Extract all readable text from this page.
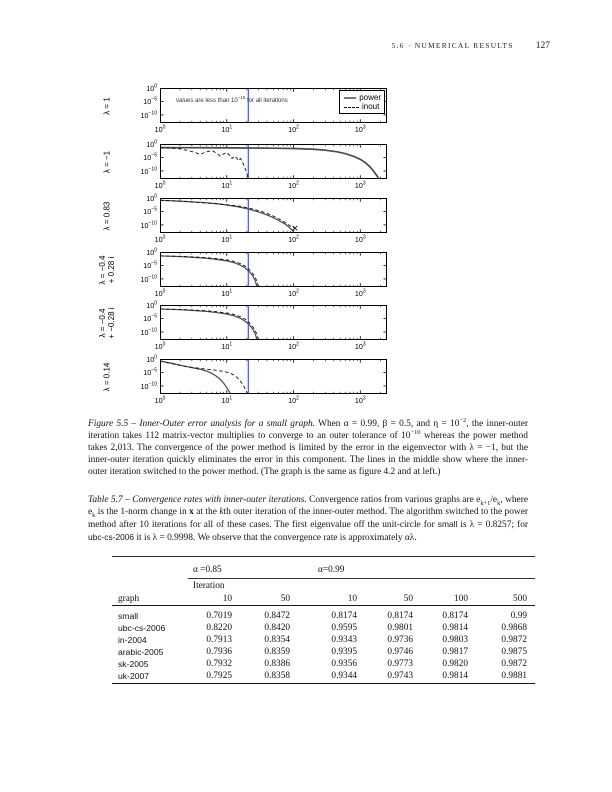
5.6 · NUMERICAL RESULTS 127
λ = 1
$10^0$
$10^{-5}$
$10^{-10}$
$10^0$	$10^1$	$10^2$	$10^3$
values are less than $10^{-15}$ for all iterations	power
inout
λ = −1
$10^0$
$10^{-5}$
$10^{-10}$
$10^0$	$10^1$	$10^2$	$10^3$
λ = 0.83
$10^0$
$10^{-5}$
$10^{-10}$
$10^0$	$10^1$	$10^2$	$10^3$
λ = −0.4 + 0.28 i
$10^0$
$10^{-5}$
$10^{-10}$
$10^0$	$10^1$	$10^2$	$10^3$
λ = −0.4 + −0.28 i
$10^0$
$10^{-5}$
$10^{-10}$
$10^0$	$10^1$	$10^2$	$10^3$
λ = 0.14
$10^0$
$10^{-5}$
$10^{-10}$
$10^0$	$10^1$	$10^2$	$10^3$
Figure 5.5 – Inner-Outer error analysis for a small graph. When α = 0.99, β = 0.5, and $\eta = 10^{-2}$, the inner-outer iteration takes 112 matrix-vector multiplies to converge to an outer tolerance of $10^{-10}$ whereas the power method takes 2,013. The convergence of the power method is limited by the error in the eigenvector with λ = −1, but the inner-outer iteration quickly eliminates the error in this component. The lines in the middle show where the inner-outer iteration switched to the power method. (The graph is the same as figure 4.2 and at left.)
Table 5.7 – Convergence rates with inner-outer iterations. Convergence ratios from various graphs are $e_{k+1}/e_k$, where $e_k$ is the 1-norm change in x at the kth outer iteration of the inner-outer method. The algorithm switched to the power method after 10 iterations for all of these cases. The first eigenvalue off the unit-circle for small is λ = 0.8257; for ubc-cs-2006 it is λ = 0.9998. We observe that the convergence rate is approximately αλ.
	α =0.85		α=0.99			
	Iteration					
graph	10	50	10	50	100	500
small	0.7019	0.8472	0.8174	0.8174	0.8174	0.99
ubc-cs-2006	0.8220	0.8420	0.9595	0.9801	0.9814	0.9868
in-2004	0.7913	0.8354	0.9343	0.9736	0.9803	0.9872
arabic-2005	0.7936	0.8359	0.9395	0.9746	0.9817	0.9875
sk-2005	0.7932	0.8386	0.9356	0.9773	0.9820	0.9872
uk-2007	0.7925	0.8358	0.9344	0.9743	0.9814	0.9881
